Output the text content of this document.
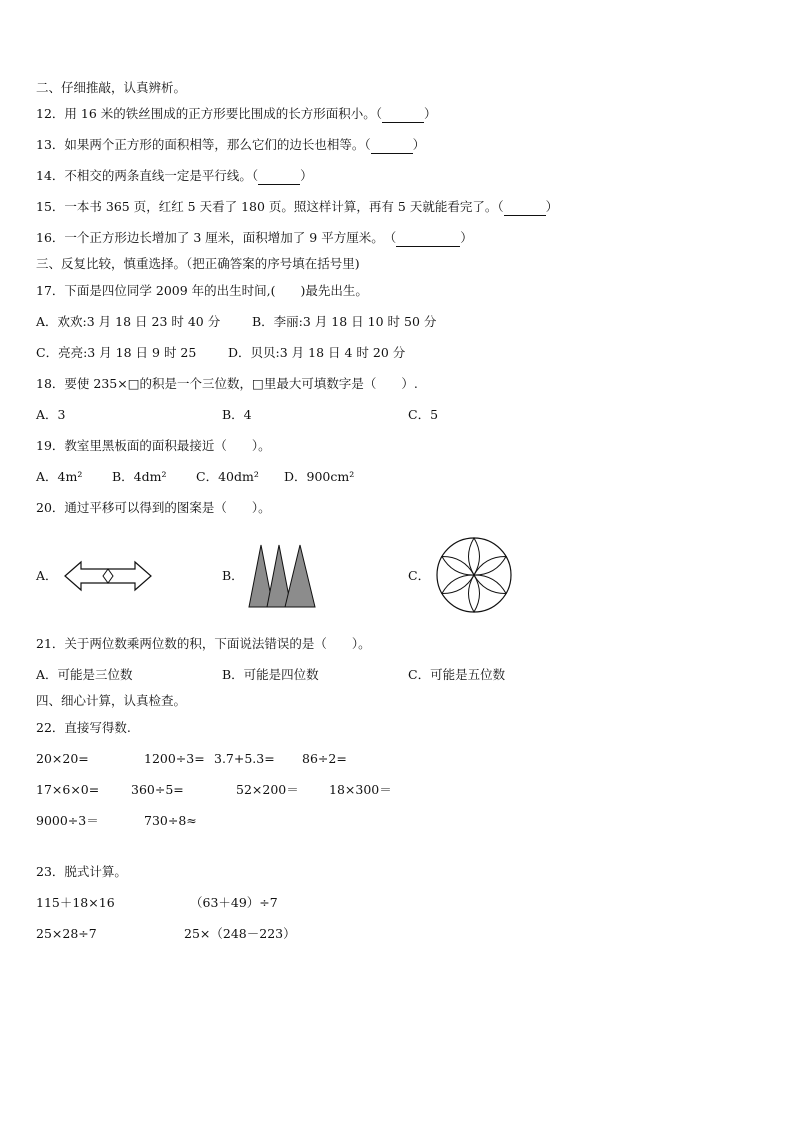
二、仔细推敲，认真辨析。
12．用 16 米的铁丝围成的正方形要比围成的长方形面积小。（	）
13．如果两个正方形的面积相等，那么它们的边长也相等。（	）
14．不相交的两条直线一定是平行线。（	）
15．一本书 365 页，红红 5 天看了 180 页。照这样计算，再有 5 天就能看完了。（	）
16．一个正方形边长增加了 3 厘米，面积增加了 9 平方厘米。　（	）
三、反复比较，慎重选择。（把正确答案的序号填在括号里)
17．下面是四位同学 2009 年的出生时间,(　　)最先出生。
A．欢欢:3 月 18 日 23 时 40 分	B．李丽:3 月 18 日 10 时 50 分
C．亮亮:3 月 18 日 9 时 25	D．贝贝:3 月 18 日 4 时 20 分
18．要使 235×□的积是一个三位数，□里最大可填数字是（　　）.
A．3	B．4	C．5
19．教室里黑板面的面积最接近（　　）。
A．4m² B．4dm² C．40dm² D．900cm²
20．通过平移可以得到的图案是（　　）。
A．	B．	C．
21．关于两位数乘两位数的积，下面说法错误的是（　　）。
A．可能是三位数	B．可能是四位数	C．可能是五位数
四、细心计算，认真检查。
22．直接写得数.
20×20=	1200÷3= 3.7+5.3= 86÷2=
17×6×0=	360÷5=	52×200＝ 18×300＝
9000÷3＝	730÷8≈
23．脱式计算。
115＋18×16	（63＋49）÷7
25×28÷7	25×（248－223）
